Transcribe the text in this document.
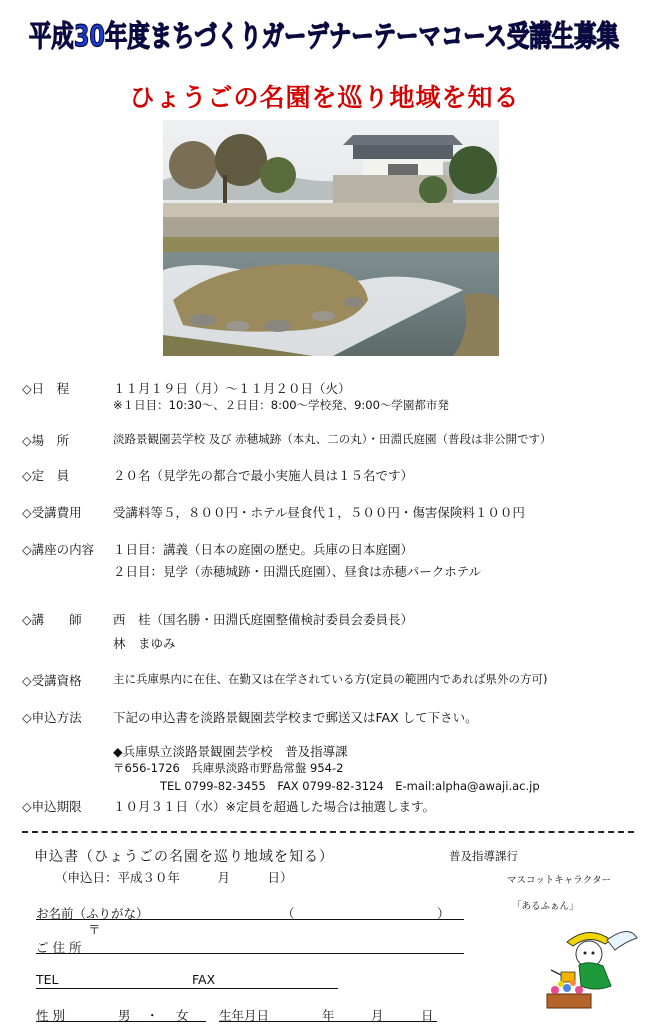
平成30年度まちづくりガーデナーテーマコース受講生募集
ひょうごの名園を巡り地域を知る
◇日　程	１１月１９日（月）～１１月２０日（火）
※１日目：10:30～、２日目：8:00～学校発、9:00～学園都市発
◇場　所	淡路景観園芸学校 及び 赤穂城跡（本丸、二の丸）・田淵氏庭園（普段は非公開です）
◇定　員	２０名（見学先の都合で最小実施人員は１５名です）
◇受講費用	受講料等５，８００円・ホテル昼食代１，５００円・傷害保険料１００円
◇講座の内容 １日目：講義（日本の庭園の歴史。兵庫の日本庭園）
２日目：見学（赤穂城跡・田淵氏庭園）、昼食は赤穂パークホテル
◇講　　師	西　桂（国名勝・田淵氏庭園整備検討委員会委員長）
林　まゆみ
◇受講資格	主に兵庫県内に在住、在勤又は在学されている方(定員の範囲内であれば県外の方可)
◇申込方法	下記の申込書を淡路景観園芸学校まで郵送又はFAX して下さい。
◆兵庫県立淡路景観園芸学校　普及指導課
〒656-1726　兵庫県淡路市野島常盤 954-2
TEL 0799-82-3455　FAX 0799-82-3124　E-mail:alpha@awaji.ac.jp
◇申込期限	１０月３１日（水）※定員を超過した場合は抽選します。
申込書（ひょうごの名園を巡り地域を知る）	普及指導課行
（申込日：平成３０年　　　月　　　日）	マスコットキャラクター
「あるふぁん」
お名前（ふりがな）	（	）
〒
ご 住 所
TEL	FAX
性 別	男 ・ 女 生年月日	年	月	日
